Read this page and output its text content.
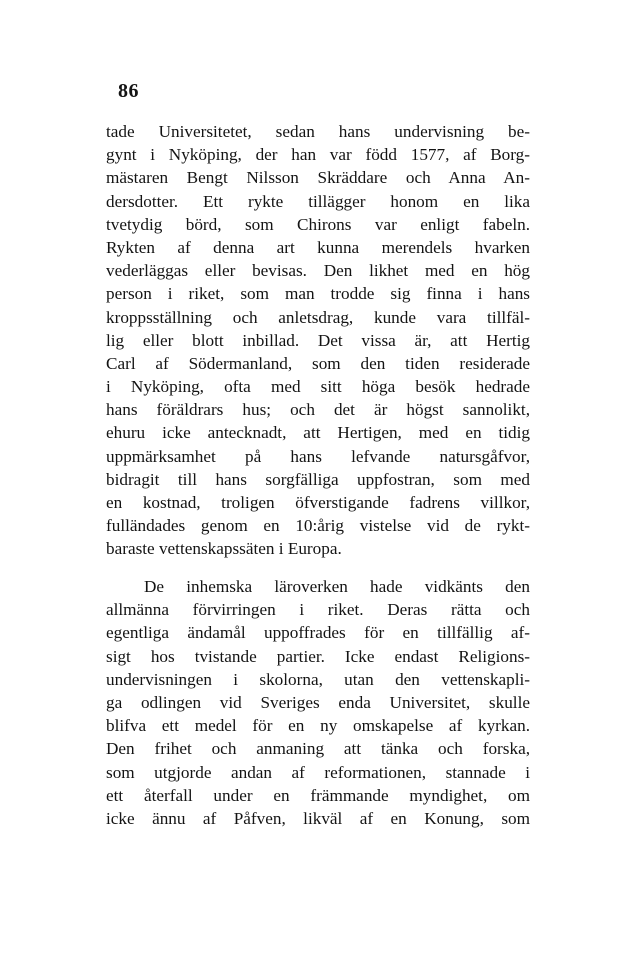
86
tade Universitetet, sedan hans undervisning be-
gynt i Nyköping, der han var född 1577, af Borg-
mästaren Bengt Nilsson Skräddare och Anna An-
dersdotter. Ett rykte tillägger honom en lika
tvetydig börd, som Chirons var enligt fabeln.
Rykten af denna art kunna merendels hvarken
vederläggas eller bevisas. Den likhet med en hög
person i riket, som man trodde sig finna i hans
kroppsställning och anletsdrag, kunde vara tillfäl-
lig eller blott inbillad. Det vissa är, att Hertig
Carl af Södermanland, som den tiden residerade
i Nyköping, ofta med sitt höga besök hedrade
hans föräldrars hus; och det är högst sannolikt,
ehuru icke antecknadt, att Hertigen, med en tidig
uppmärksamhet på hans lefvande natursgåfvor,
bidragit till hans sorgfälliga uppfostran, som med
en kostnad, troligen öfverstigande fadrens villkor,
fulländades genom en 10:årig vistelse vid de rykt-
baraste vettenskapssäten i Europa.
De inhemska läroverken hade vidkänts den
allmänna förvirringen i riket. Deras rätta och
egentliga ändamål uppoffrades för en tillfällig af-
sigt hos tvistande partier. Icke endast Religions-
undervisningen i skolorna, utan den vettenskapli-
ga odlingen vid Sveriges enda Universitet, skulle
blifva ett medel för en ny omskapelse af kyrkan.
Den frihet och anmaning att tänka och forska,
som utgjorde andan af reformationen, stannade i
ett återfall under en främmande myndighet, om
icke ännu af Påfven, likväl af en Konung, som
